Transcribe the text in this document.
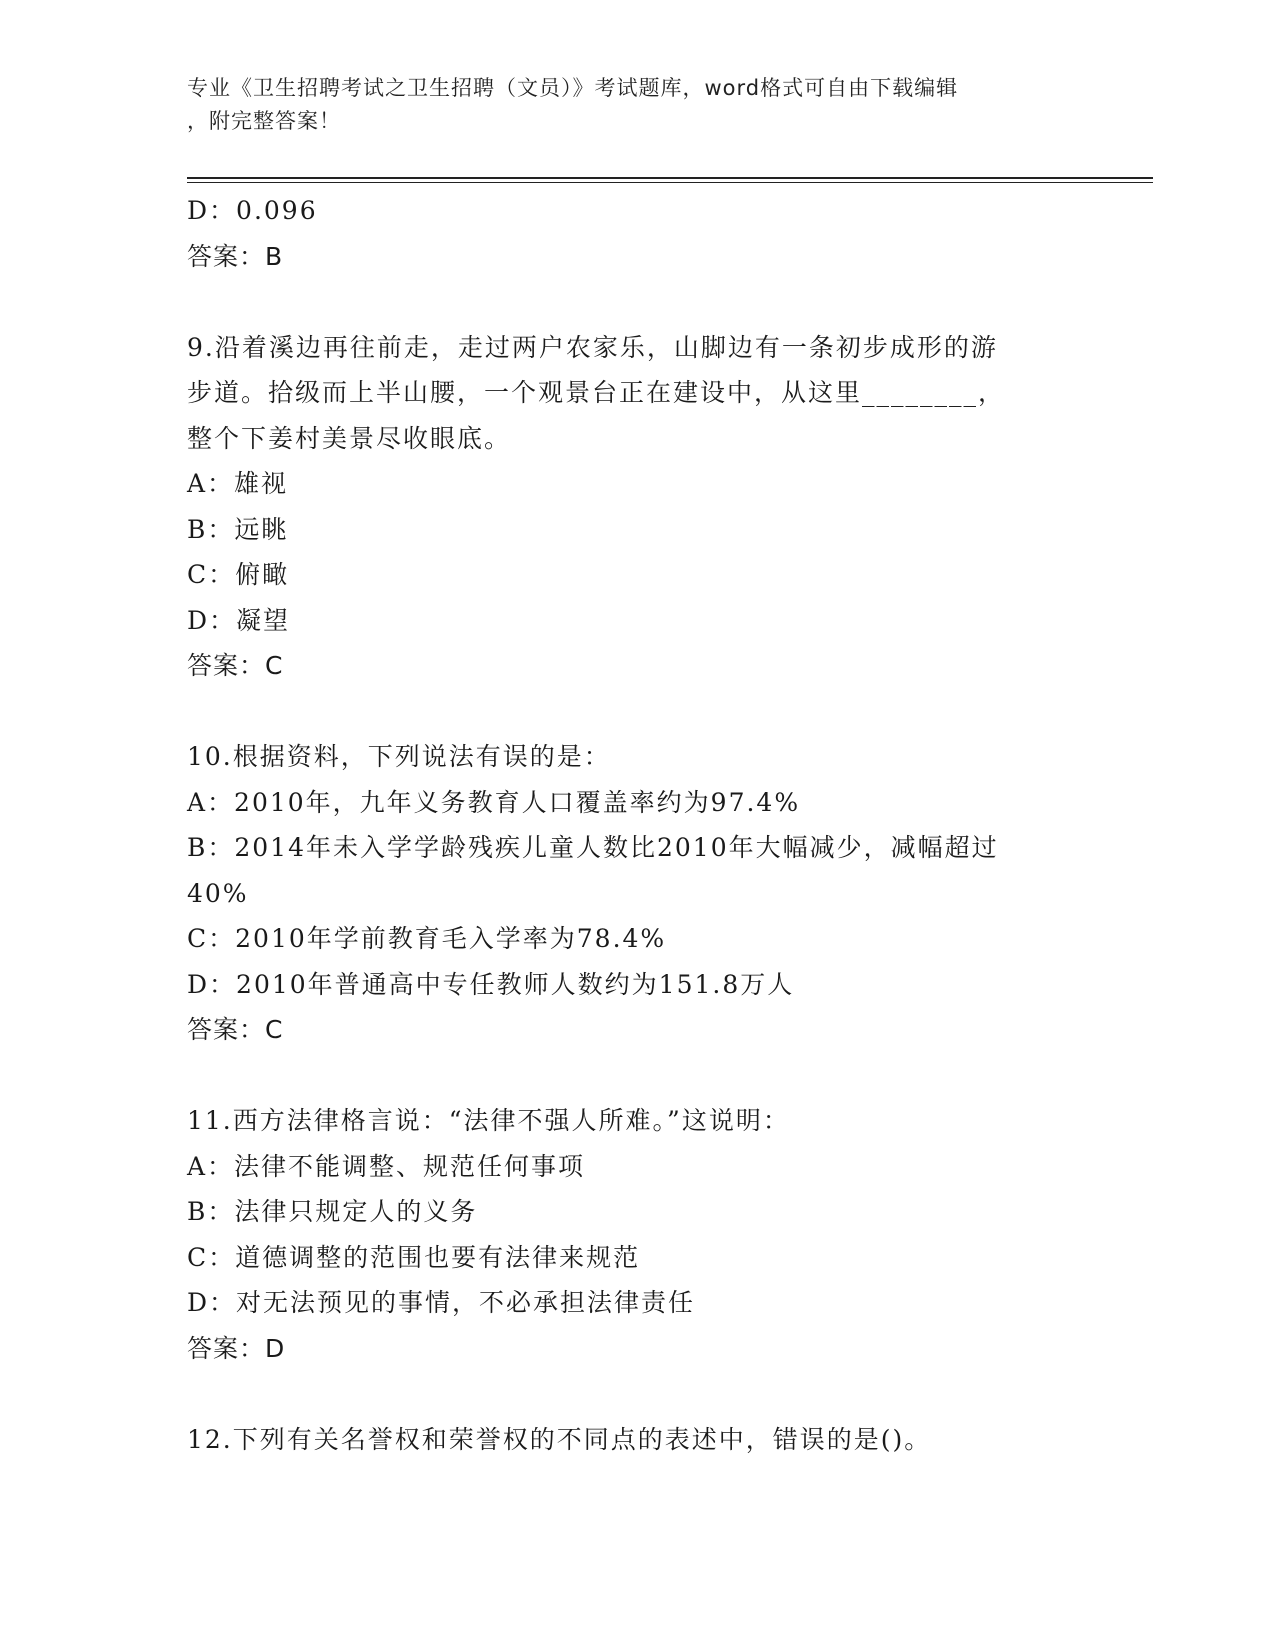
专业《卫生招聘考试之卫生招聘（文员）》考试题库，word格式可自由下载编辑
，附完整答案！
D：0.096
答案：B
9.沿着溪边再往前走，走过两户农家乐，山脚边有一条初步成形的游
步道。拾级而上半山腰，一个观景台正在建设中，从这里________，
整个下姜村美景尽收眼底。
A：雄视
B：远眺
C：俯瞰
D：凝望
答案：C
10.根据资料，下列说法有误的是：
A：2010年，九年义务教育人口覆盖率约为97.4%
B：2014年未入学学龄残疾儿童人数比2010年大幅减少，减幅超过
40%
C：2010年学前教育毛入学率为78.4%
D：2010年普通高中专任教师人数约为151.8万人
答案：C
11.西方法律格言说：“法律不强人所难。”这说明：
A：法律不能调整、规范任何事项
B：法律只规定人的义务
C：道德调整的范围也要有法律来规范
D：对无法预见的事情，不必承担法律责任
答案：D
12.下列有关名誉权和荣誉权的不同点的表述中，错误的是()。
